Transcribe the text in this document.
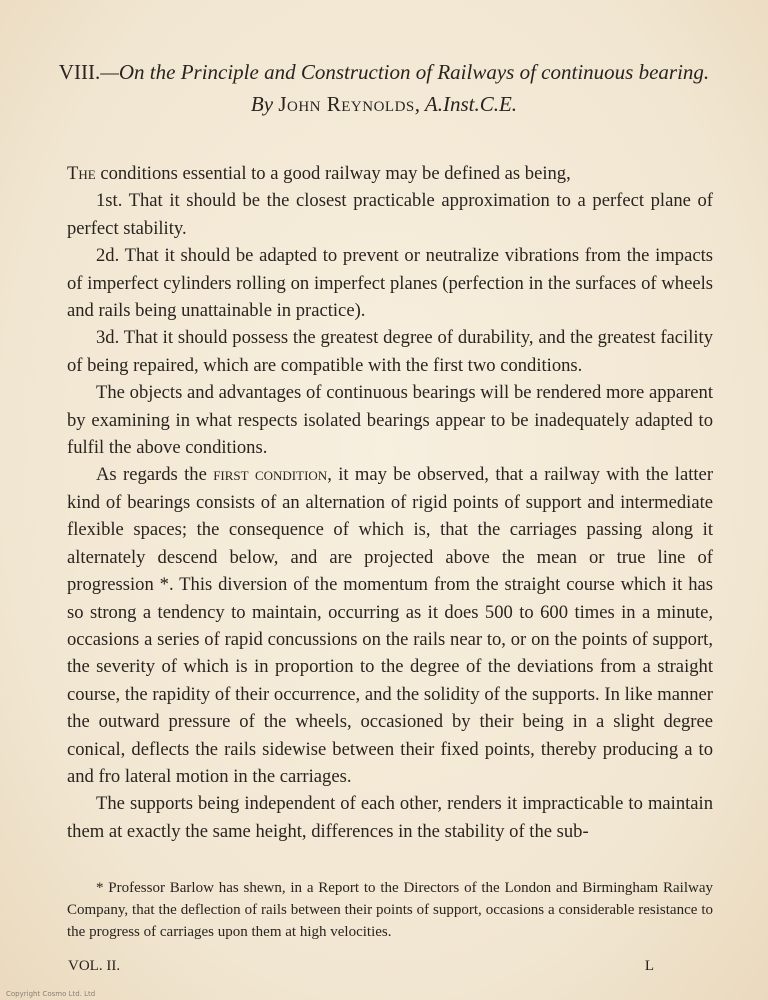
VIII.—On the Principle and Construction of Railways of continuous bearing.

By John Reynolds, A.Inst.C.E.

The conditions essential to a good railway may be defined as being,

1st. That it should be the closest practicable approximation to a perfect plane of perfect stability.

2d. That it should be adapted to prevent or neutralize vibrations from the impacts of imperfect cylinders rolling on imperfect planes (perfection in the surfaces of wheels and rails being unattainable in practice).

3d. That it should possess the greatest degree of durability, and the greatest facility of being repaired, which are compatible with the first two conditions.

The objects and advantages of continuous bearings will be rendered more apparent by examining in what respects isolated bearings appear to be inadequately adapted to fulfil the above conditions.

As regards the first condition, it may be observed, that a railway with the latter kind of bearings consists of an alternation of rigid points of support and intermediate flexible spaces; the consequence of which is, that the carriages passing along it alternately descend below, and are projected above the mean or true line of progression *. This diversion of the momentum from the straight course which it has so strong a tendency to maintain, occurring as it does 500 to 600 times in a minute, occasions a series of rapid concussions on the rails near to, or on the points of support, the severity of which is in proportion to the degree of the deviations from a straight course, the rapidity of their occurrence, and the solidity of the supports. In like manner the outward pressure of the wheels, occasioned by their being in a slight degree conical, deflects the rails sidewise between their fixed points, thereby producing a to and fro lateral motion in the carriages.

The supports being independent of each other, renders it impracticable to maintain them at exactly the same height, differences in the stability of the sub-

* Professor Barlow has shewn, in a Report to the Directors of the London and Birmingham Railway Company, that the deflection of rails between their points of support, occasions a considerable resistance to the progress of carriages upon them at high velocities.

VOL. II.	L
Copyright Cosmo Ltd. Ltd
